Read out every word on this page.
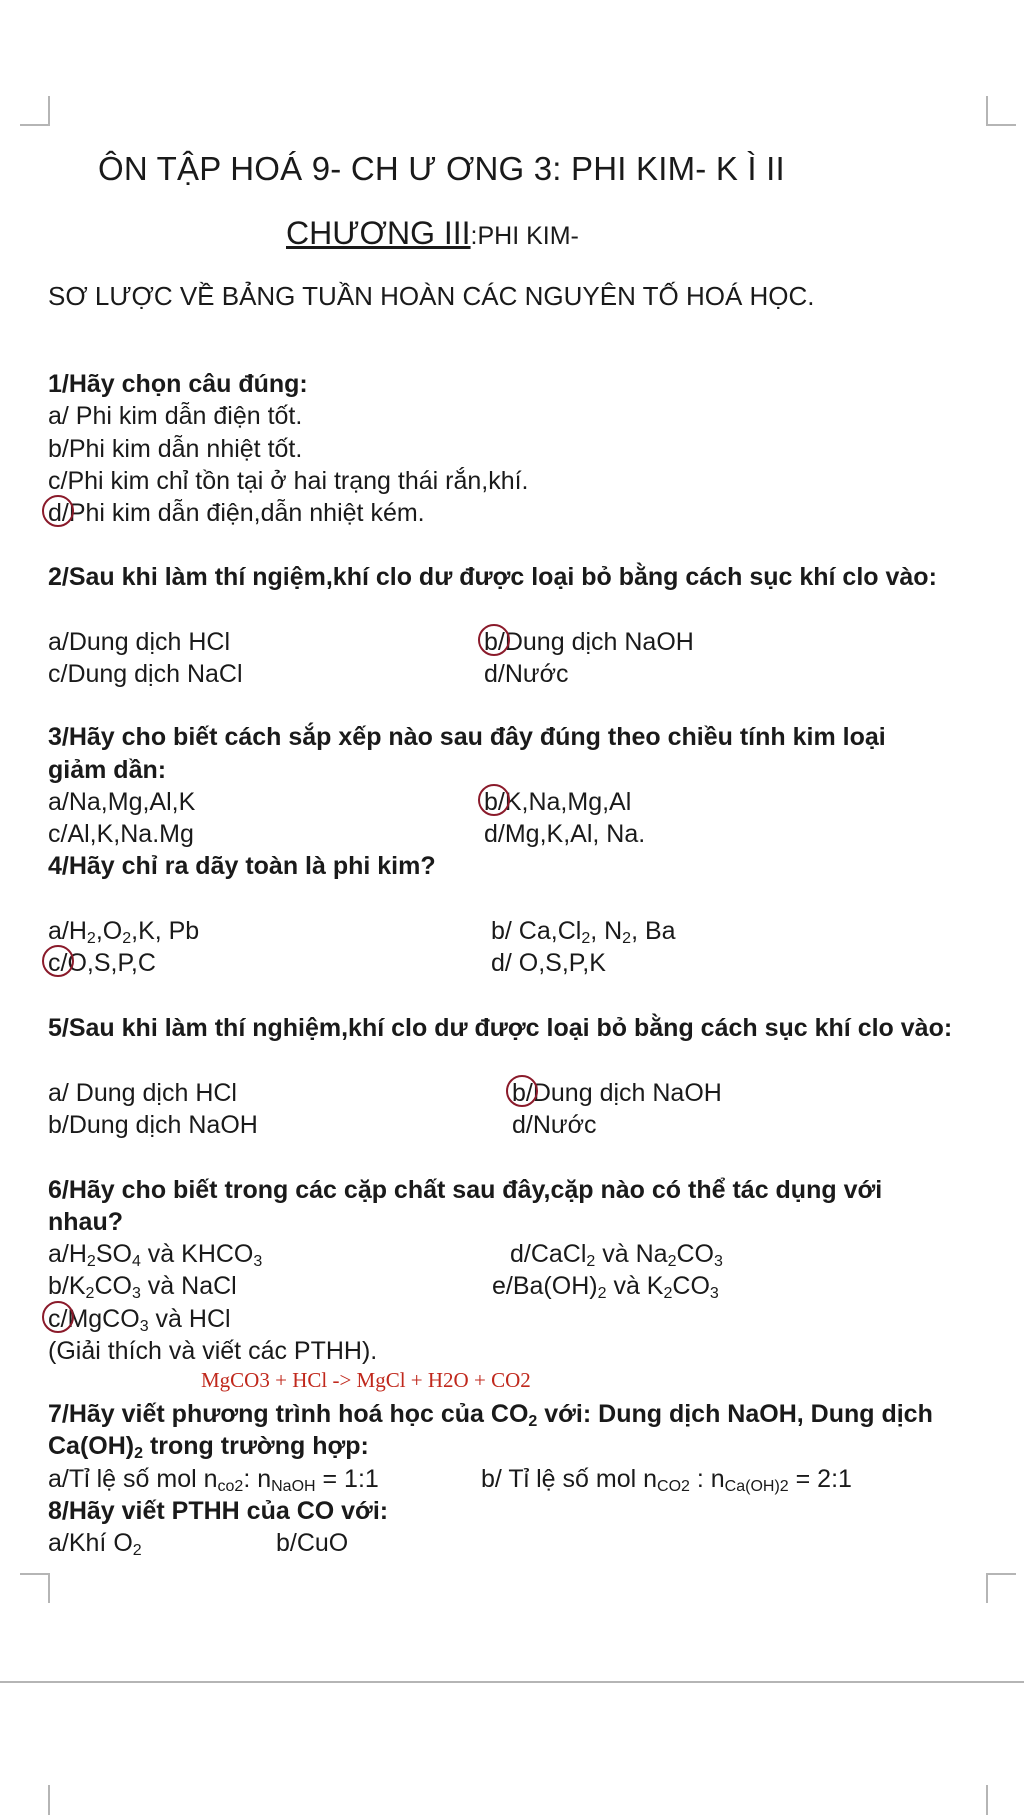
ÔN TẬP HOÁ 9- CH Ư ƠNG 3: PHI KIM- K Ì II
CHƯƠNG III:PHI KIM-
SƠ LƯỢC VỀ BẢNG TUẦN HOÀN CÁC NGUYÊN TỐ HOÁ HỌC.
1/Hãy chọn câu đúng:
a/ Phi kim dẫn điện tốt.
b/Phi kim dẫn nhiệt tốt.
c/Phi kim chỉ tồn tại ở hai trạng thái rắn,khí.
d/Phi kim dẫn điện,dẫn nhiệt kém.
2/Sau khi làm thí ngiệm,khí clo dư được loại bỏ bằng cách sục khí clo vào:
a/Dung dịch HCl	b/Dung dịch NaOH
c/Dung dịch NaCl	d/Nước
3/Hãy cho biết cách sắp xếp nào sau đây đúng theo chiều tính kim loại
giảm dần:
a/Na,Mg,Al,K	b/K,Na,Mg,Al
c/Al,K,Na.Mg	d/Mg,K,Al, Na.
4/Hãy chỉ ra dãy toàn là phi kim?
$a/H_2,O_2,K$, Pb	b/ $Ca,Cl_2$, $N_2$, Ba
c/O,S,P,C	d/ O,S,P,K
5/Sau khi làm thí nghiệm,khí clo dư được loại bỏ bằng cách sục khí clo vào:
a/ Dung dịch HCl	b/Dung dịch NaOH
b/Dung dịch NaOH	d/Nước
6/Hãy cho biết trong các cặp chất sau đây,cặp nào có thể tác dụng với
nhau?
$a/H_2SO_4$ và $KHCO_3$	d/CaCl$_2$ và $Na_2CO_3$
$b/K_2CO_3$ và NaCl	$e/Ba(OH)_2$ và $K_2CO_3$
c/MgCO$_3$ và HCl
(Giải thích và viết các PTHH).
MgCO3 + HCl -> MgCl + H2O + CO2
7/Hãy viết phương trình hoá học của $CO_2$ với: Dung dịch NaOH, Dung dịch
$Ca(OH)_2$ trong trường hợp:
a/Tỉ lệ số mol $n_{co2}$: $n_{NaOH}$ = 1:1	b/ Tỉ lệ số mol $n_{CO2}$ : $n_{Ca(OH)2}$ = 2:1
8/Hãy viết PTHH của CO với:
a/Khí $O_2$	b/CuO
